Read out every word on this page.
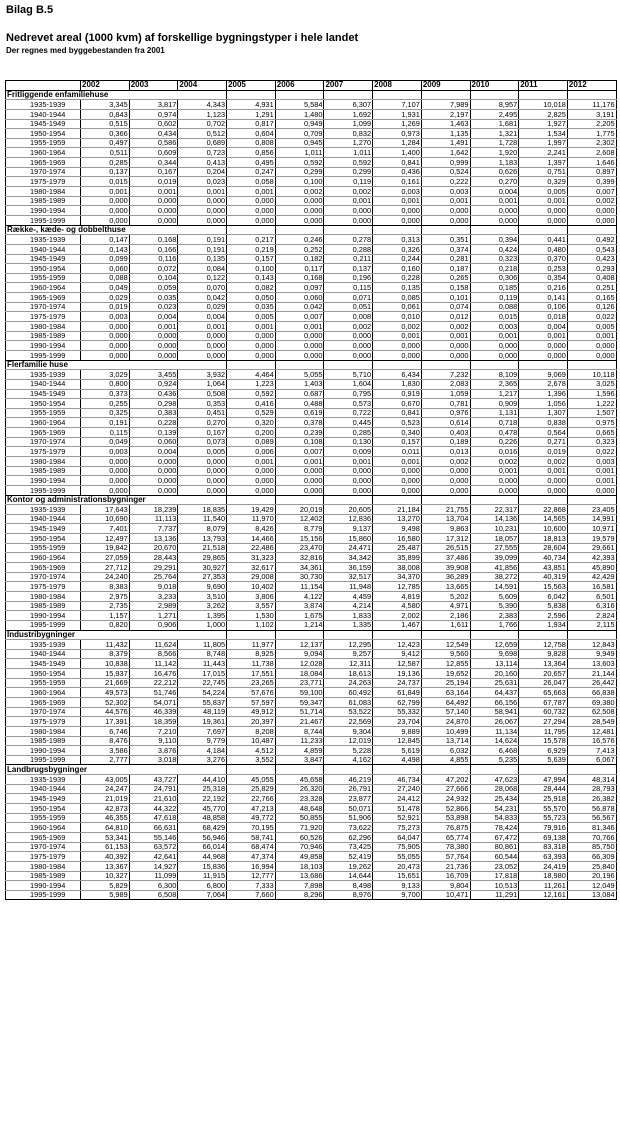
Bilag B.5
Nedrevet areal (1000 kvm) af forskellige bygningstyper i hele landet
Der regnes med byggebestanden fra 2001
	2002	2003	2004	2005	2006	2007	2008	2009	2010	2011	2012
Fritliggende enfamiliehuse											
1935-1939	3,345	3,817	4,343	4,931	5,584	6,307	7,107	7,989	8,957	10,018	11,176
1940-1944	0,843	0,974	1,123	1,291	1,480	1,692	1,931	2,197	2,495	2,825	3,191
1945-1949	0,515	0,602	0,702	0,817	0,949	1,099	1,269	1,463	1,681	1,927	2,205
1950-1954	0,366	0,434	0,512	0,604	0,709	0,832	0,973	1,135	1,321	1,534	1,775
1955-1959	0,497	0,586	0,689	0,808	0,945	1,270	1,284	1,491	1,728	1,997	2,302
1960-1964	0,511	0,609	0,723	0,856	1,011	1,011	1,400	1,642	1,920	2,241	2,608
1965-1969	0,285	0,344	0,413	0,495	0,592	0,592	0,841	0,999	1,183	1,397	1,646
1970-1974	0,137	0,167	0,204	0,247	0,299	0,299	0,436	0,524	0,626	0,751	0,897
1975-1979	0,015	0,019	0,023	0,058	0,100	0,119	0,161	0,222	0,270	0,329	0,399
1980-1984	0,001	0,001	0,001	0,001	0,002	0,002	0,003	0,003	0,004	0,005	0,007
1985-1989	0,000	0,000	0,000	0,000	0,000	0,001	0,001	0,001	0,001	0,001	0,002
1990-1994	0,000	0,000	0,000	0,000	0,000	0,000	0,000	0,000	0,000	0,000	0,000
1995-1999	0,000	0,000	0,000	0,000	0,000	0,000	0,000	0,000	0,000	0,000	0,000
Række-, kæde- og dobbelthuse											
1935-1939	0,147	0,168	0,191	0,217	0,246	0,278	0,313	0,351	0,394	0,441	0,492
1940-1944	0,143	0,166	0,191	0,219	0,252	0,288	0,326	0,374	0,424	0,480	0,543
1945-1949	0,099	0,116	0,135	0,157	0,182	0,211	0,244	0,281	0,323	0,370	0,423
1950-1954	0,060	0,072	0,084	0,100	0,117	0,137	0,160	0,187	0,218	0,253	0,293
1955-1959	0,088	0,104	0,122	0,143	0,168	0,196	0,228	0,265	0,306	0,354	0,408
1960-1964	0,049	0,059	0,070	0,082	0,097	0,115	0,135	0,158	0,185	0,216	0,251
1965-1969	0,029	0,035	0,042	0,050	0,060	0,071	0,085	0,101	0,119	0,141	0,165
1970-1974	0,019	0,023	0,029	0,035	0,042	0,051	0,061	0,074	0,088	0,106	0,126
1975-1979	0,003	0,004	0,004	0,005	0,007	0,008	0,010	0,012	0,015	0,018	0,022
1980-1984	0,000	0,001	0,001	0,001	0,001	0,002	0,002	0,002	0,003	0,004	0,005
1985-1989	0,000	0,000	0,000	0,000	0,000	0,000	0,001	0,001	0,001	0,001	0,001
1990-1994	0,000	0,000	0,000	0,000	0,000	0,000	0,000	0,000	0,000	0,000	0,000
1995-1999	0,000	0,000	0,000	0,000	0,000	0,000	0,000	0,000	0,000	0,000	0,000
Flerfamilie huse											
1935-1939	3,029	3,455	3,932	4,464	5,055	5,710	6,434	7,232	8,109	9,069	10,118
1940-1944	0,800	0,924	1,064	1,223	1,403	1,604	1,830	2,083	2,365	2,678	3,025
1945-1949	0,373	0,436	0,508	0,592	0,687	0,795	0,919	1,059	1,217	1,396	1,596
1950-1954	0,255	0,298	0,353	0,416	0,488	0,573	0,670	0,781	0,909	1,056	1,222
1955-1959	0,325	0,383	0,451	0,529	0,619	0,722	0,841	0,976	1,131	1,307	1,507
1960-1964	0,191	0,228	0,270	0,320	0,378	0,445	0,523	0,614	0,718	0,838	0,975
1965-1969	0,115	0,139	0,167	0,200	0,239	0,285	0,340	0,403	0,478	0,564	0,665
1970-1974	0,049	0,060	0,073	0,089	0,108	0,130	0,157	0,189	0,226	0,271	0,323
1975-1979	0,003	0,004	0,005	0,006	0,007	0,009	0,011	0,013	0,016	0,019	0,022
1980-1984	0,000	0,000	0,000	0,001	0,001	0,001	0,001	0,002	0,002	0,002	0,003
1985-1989	0,000	0,000	0,000	0,000	0,000	0,000	0,000	0,000	0,001	0,001	0,001
1990-1994	0,000	0,000	0,000	0,000	0,000	0,000	0,000	0,000	0,000	0,000	0,001
1995-1999	0,000	0,000	0,000	0,000	0,000	0,000	0,000	0,000	0,000	0,000	0,000
Kontor og administrationsbygninger											
1935-1939	17,643	18,239	18,835	19,429	20,019	20,605	21,184	21,755	22,317	22,868	23,405
1940-1944	10,690	11,113	11,540	11,970	12,402	12,836	13,270	13,704	14,136	14,565	14,991
1945-1949	7,401	7,737	8,079	8,426	8,779	9,137	9,498	9,863	10,231	10,600	10,971
1950-1954	12,497	13,136	13,793	14,466	15,156	15,860	16,580	17,312	18,057	18,813	19,579
1955-1959	19,842	20,670	21,518	22,486	23,470	24,471	25,487	26,515	27,555	28,604	29,661
1960-1964	27,059	28,443	29,865	31,323	32,816	34,342	35,899	37,486	39,099	40,734	42,393
1965-1969	27,712	29,291	30,927	32,617	34,361	36,159	38,008	39,908	41,856	43,851	45,890
1970-1974	24,240	25,764	27,353	29,008	30,730	32,517	34,370	36,289	38,272	40,319	42,429
1975-1979	8,383	9,018	9,690	10,402	11,154	11,948	12,785	13,665	14,591	15,563	16,581
1980-1984	2,975	3,233	3,510	3,806	4,122	4,459	4,819	5,202	5,609	6,042	6,501
1985-1989	2,735	2,989	3,262	3,557	3,874	4,214	4,580	4,971	5,390	5,838	6,316
1990-1994	1,157	1,271	1,395	1,530	1,675	1,833	2,002	2,186	2,383	2,596	2,824
1995-1999	0,820	0,906	1,000	1,102	1,214	1,335	1,467	1,611	1,766	1,934	2,115
Industribygninger											
1935-1939	11,432	11,624	11,805	11,977	12,137	12,295	12,423	12,549	12,659	12,758	12,843
1940-1944	8,379	8,566	8,748	8,925	9,094	9,257	9,412	9,560	9,698	9,828	9,949
1945-1949	10,838	11,142	11,443	11,738	12,028	12,311	12,587	12,855	13,114	13,364	13,603
1950-1954	15,937	16,476	17,015	17,551	18,084	18,613	19,136	19,652	20,160	20,657	21,144
1955-1959	21,669	22,212	22,745	23,265	23,771	24,263	24,737	25,194	25,631	26,047	26,442
1960-1964	49,573	51,746	54,224	57,676	59,100	60,492	61,849	63,164	64,437	65,663	66,838
1965-1969	52,302	54,071	55,837	57,597	59,347	61,083	62,799	64,492	66,156	67,787	69,380
1970-1974	44,576	46,339	48,119	49,912	51,714	53,522	55,332	57,140	58,941	60,732	62,508
1975-1979	17,391	18,359	19,361	20,397	21,467	22,569	23,704	24,870	26,067	27,294	28,549
1980-1984	6,746	7,210	7,697	8,208	8,744	9,304	9,889	10,499	11,134	11,795	12,481
1985-1989	8,476	9,110	9,779	10,487	11,233	12,019	12,845	13,714	14,624	15,578	16,576
1990-1994	3,586	3,876	4,184	4,512	4,859	5,228	5,619	6,032	6,468	6,929	7,413
1995-1999	2,777	3,018	3,276	3,552	3,847	4,162	4,498	4,855	5,235	5,639	6,067
Landbrugsbygninger											
1935-1939	43,005	43,727	44,410	45,055	45,658	46,219	46,734	47,202	47,623	47,994	48,314
1940-1944	24,247	24,791	25,318	25,829	26,320	26,791	27,240	27,666	28,068	28,444	28,793
1945-1949	21,019	21,610	22,192	22,766	23,328	23,877	24,412	24,932	25,434	25,918	26,382
1950-1954	42,873	44,322	45,770	47,213	48,648	50,071	51,478	52,866	54,231	55,570	56,878
1955-1959	46,355	47,618	48,858	49,772	50,855	51,906	52,921	53,898	54,833	55,723	56,567
1960-1964	64,810	66,631	68,429	70,195	71,920	73,622	75,273	76,875	78,424	79,916	81,346
1965-1969	53,341	55,146	56,946	58,741	60,526	62,296	64,047	65,774	67,472	69,138	70,766
1970-1974	61,153	63,572	66,014	68,474	70,946	73,425	75,905	78,380	80,861	83,318	85,750
1975-1979	40,392	42,641	44,968	47,374	49,858	52,419	55,055	57,764	60,544	63,393	66,309
1980-1984	13,367	14,927	15,836	16,994	18,103	19,262	20,473	21,736	23,052	24,419	25,840
1985-1989	10,327	11,099	11,915	12,777	13,686	14,644	15,651	16,709	17,818	18,980	20,196
1990-1994	5,829	6,300	6,800	7,333	7,898	8,498	9,133	9,804	10,513	11,261	12,049
1995-1999	5,989	6,508	7,064	7,660	8,296	8,976	9,700	10,471	11,291	12,161	13,084
